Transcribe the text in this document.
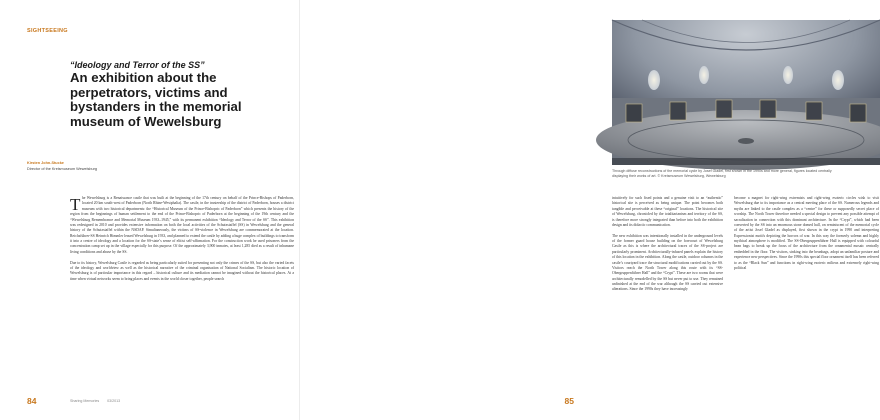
SIGHTSEEING
“Ideology and Terror of the SS”
An exhibition about the perpetrators, victims and bystanders in the memorial museum of Wewelsburg
Kirsten John-Stucke
Director of the Kreismuseum Wewelsburg

The Wewelsburg is a Renaissance castle that was built at the beginning of the 17th century on behalf of the Prince-Bishops of Paderborn, located 20 km south-west of Paderborn (North Rhine-Westphalia). The castle, in the trusteeship of the district of Paderborn, houses a district museum with two historical departments: the “Historical Museum of the Prince-Bishopric of Paderborn” which presents the history of the region from the beginnings of human settlement to the end of the Prince-Bishopric of Paderborn at the beginning of the 19th century and the “Wewelsburg Remembrance and Memorial Museum 1933–1945,” with its permanent exhibition “Ideology and Terror of the SS”. This exhibition was redesigned in 2010 and provides extensive information on both the local activities of the Schutzstaffel (SS) in Wewelsburg and the general history of the Schutzstaffel within the NSDAP. Simultaneously, the victims of SS-violence in Wewelsburg are commemorated at the location. Reichsführer-SS Heinrich Himmler leased Wewelsburg in 1933, and planned to extend the castle by adding a huge complex of buildings to transform it into a centre of ideology and a location for the SS-state’s sense of elitist self-affirmation. For the construction work he used prisoners from the concentration camp set up in the village especially for this purpose. Of the approximately 3,900 inmates, at least 1,285 died as a result of inhumane living conditions and abuse by the SS.

Due to its history, Wewelsburg Castle is regarded as being particularly suited for presenting not only the crimes of the SS, but also the varied facets of the ideology and worldview as well as the historical narrative of the criminal organisation of National Socialism. The historic location of Wewelsburg is of particular importance in this regard – historical culture and its mediation cannot be imagined without the historical places. At a time when virtual networks seem to bring places and events in the world closer together, people search

84	Sharing Memories 03/2013
Through diffuse reconstructions of the memorial cycle by Josef Gladel, first shown in the 1990s and more general, figures located centrally displaying their works of art. © Kreismuseum Wewelsburg, Wewelsburg

intuitively for such fixed points and a genuine visit to an “authentic” historical site is perceived as being unique. The point becomes both tangible and perceivable at these “original” locations. The historical site of Wewelsburg, chronicled by the totalitarianism and territory of the SS, is therefore more strongly integrated than before into both the exhibition design and its didactic communication.

The new exhibition was intentionally installed in the underground levels of the former guard house building on the forecourt of Wewelsburg Castle as this is where the architectural traces of the SS-project are particularly prominent. Architecturally-infused panels explain the history of this location in the exhibition. Along the castle, outdoor columns in the castle’s courtyard trace the structural modifications carried out by the SS. Visitors reach the North Tower along this route with its “SS-Obergruppenführer Hall” and the “Crypt”. These are two rooms that were architecturally remodelled by the SS but never put to use. They remained unfinished at the end of the war although the SS carried out extensive alterations. Since the 1990s they have increasingly

become a magnet for right-wing extremists and right-wing esoteric circles wish to visit Wewelsburg due to its importance as a central meeting place of the SS. Numerous legends and myths are linked to the castle complex as a “centre” for these or supposedly secret place of worship. The North Tower therefore needed a special design to prevent any possible attempt of sacralisation in connection with this dominant architecture. In the “Crypt”, which had been converted by the SS into an enormous stone domed hall, on reminiscent of the memorial cycle of the artist Josef Gladel as displayed, first shown in the crypt in 1990 and interpreting Expressionist motifs depicting the horrors of war. In this way the formerly solemn and highly mythical atmosphere is modified. The SS-Obergruppenführer Hall is equipped with colourful bean bags to break up the focus of the architecture from the ornamental mosaic centrally embedded in the floor. The visitors, sinking into the beanbags, adopt an unfamiliar posture and experience new perspectives. Since the 1990s this special floor ornament itself has been referred to as the “Black Sun” and functions in right-wing esoteric milieus and extremely right-wing political

85
